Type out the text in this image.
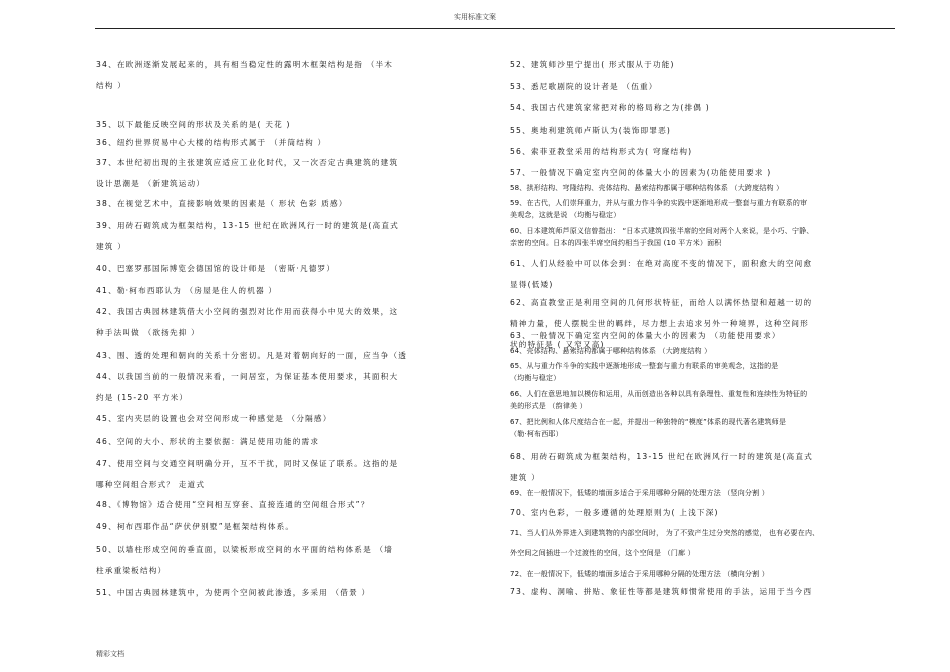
实用标准文案

34、在欧洲逐渐发展起来的，具有相当稳定性的露明木框架结构是指 （半木

结构 ）

35、以下最能反映空间的形状及关系的是( 天花 )

36、纽约世界贸易中心大楼的结构形式属于 （并筒结构 ）

37、本世纪初出现的主张建筑应适应工业化时代，又一次否定古典建筑的建筑

设计思潮是 （新建筑运动）

38、在视觉艺术中，直接影响效果的因素是（ 形状 色彩 质感）

39、用砖石砌筑成为框架结构，13-15 世纪在欧洲风行一时的建筑是(高直式

建筑 ）

40、巴塞罗那国际博览会德国馆的设计师是 （密斯·凡德罗）

41、勒·柯布西耶认为 （房屋是住人的机器 ）

42、我国古典园林建筑借大小空间的强烈对比作用而获得小中见大的效果，这

种手法叫做 （欲扬先抑 ）

43、围、透的处理和朝向的关系十分密切。凡是对着朝向好的一面，应当争（透

44、以我国当前的一般情况来看，一间居室，为保证基本使用要求，其面积大

约是 (15-20 平方米）

45、室内夹层的设置也会对空间形成一种感觉是 （分隔感）

46、空间的大小、形状的主要依据：满足使用功能的需求

47、使用空间与交通空间明确分开，互不干扰，同时又保证了联系。这指的是

哪种空间组合形式？ 走道式

48、《博物馆》适合使用“空间相互穿套、直接连通的空间组合形式”？

49、柯布西耶作品“萨伏伊别墅”是框架结构体系。

50、以墙柱形成空间的垂直面，以梁板形成空间的水平面的结构体系是 （墙

柱承重梁板结构）

51、中国古典园林建筑中，为使两个空间被此渗透，多采用 （借景 ）

52、建筑师沙里宁提出( 形式服从于功能)

53、悉尼歌剧院的设计者是 （伍重）

54、我国古代建筑家常把对称的格局称之为(排偶 )

55、奥地利建筑师卢斯认为(装饰即罪恶)

56、索菲亚教堂采用的结构形式为( 穹窿结构)

57、一般情况下确定室内空间的体量大小的因素为(功能使用要求 )

58、拱形结构、穹隆结构、壳体结构、悬索结构都属于哪种结构体系 （大跨度结构 ）

59、在古代，人们崇拜重力，并从与重力作斗争的实践中逐渐地形成一整套与重力有联系的审

美观念，这就是说 （均衡与稳定）

60、日本建筑师芦原义信曾指出： “日本式建筑四张半席的空间对两个人来说，是小巧、宁静、

亲密的空间。日本的四张半席空间约相当于我国 (10 平方米）面积

61、人们从经验中可以体会到：在绝对高度不变的情况下，面积愈大的空间愈

显得(低矮)

62、高直教堂正是利用空间的几何形状特征，而给人以满怀热望和超越一切的

精神力量，使人摆脱尘世的羁绊，尽力想上去追求另外一种境界，这种空间形

状的特征是 ( 又窄又高)

63、一般情况下确定室内空间的体量大小的因素为 （功能使用要求）

64、壳体结构、悬索结构都属于哪种结构体系 （大跨度结构 ）

65、从与重力作斗争的实践中逐渐地形成一整套与重力有联系的审美观念，这指的是

（均衡与稳定）

66、人们在意思地加以模仿和运用，从而创造出各种以具有条理性、重复性和连续性为特征的

美的形式是 （韵律美 ）

67、把比例和人体尺度结合在一起，并提出一种独特的“模度”体系的现代著名建筑师是

（勒·柯布西耶）

68、用砖石砌筑成为框架结构，13-15 世纪在欧洲风行一时的建筑是(高直式

建筑 ）

69、在一般情况下，低矮的墙面多适合于采用哪种分隔的处理方法 （竖向分割 ）

70、室内色彩，一般多遵循的处理原则为( 上浅下深)

71、当人们从外界进入到建筑物的内部空间时， 为了不致产生过分突然的感觉， 也有必要在内、

外空间之间插进一个过渡性的空间，这个空间是 （门廊 ）

72、在一般情况下，低矮的墙面多适合于采用哪种分隔的处理方法 （横向分割 ）

73、虚构、洞喻、拼贴、象征性等都是建筑师惯常使用的手法，运用于当今西

精彩文档
